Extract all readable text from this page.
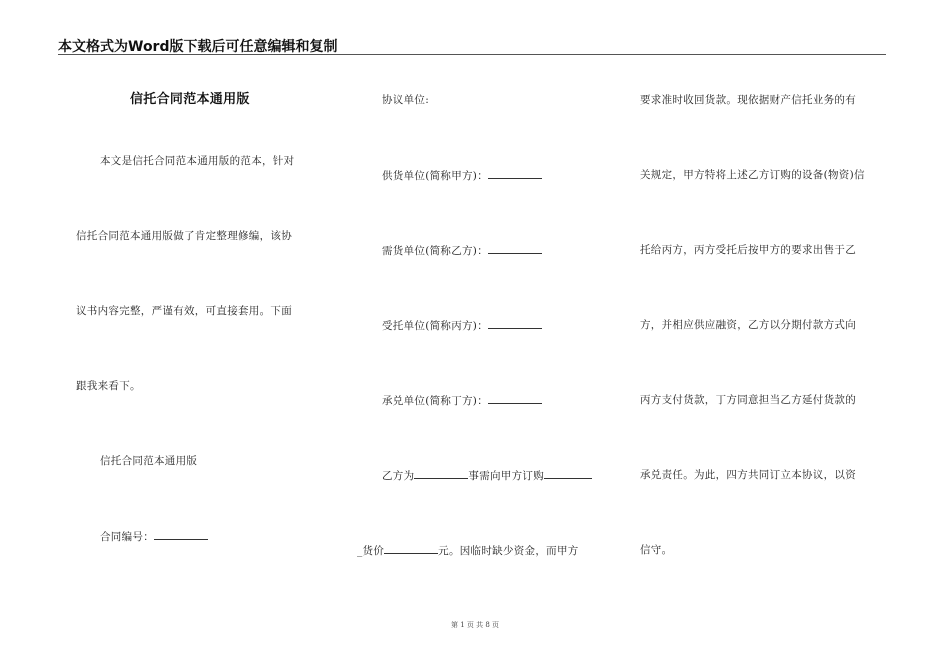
本文格式为Word版下载后可任意编辑和复制
信托合同范本通用版
本文是信托合同范本通用版的范本，针对
信托合同范本通用版做了肯定整理修编，该协
议书内容完整，严谨有效，可直接套用。下面
跟我来看下。
信托合同范本通用版
合同编号：
协议单位:
供货单位(简称甲方)：
需货单位(简称乙方)：
受托单位(简称丙方)：
承兑单位(简称丁方)：
乙方为	事需向甲方订购
_货价	元。因临时缺少资金，而甲方
要求准时收回货款。现依据财产信托业务的有
关规定，甲方特将上述乙方订购的设备(物资)信
托给丙方，丙方受托后按甲方的要求出售于乙
方，并相应供应融资，乙方以分期付款方式向
丙方支付货款，丁方同意担当乙方延付货款的
承兑责任。为此，四方共同订立本协议，以资
信守。
第 1 页 共 8 页
